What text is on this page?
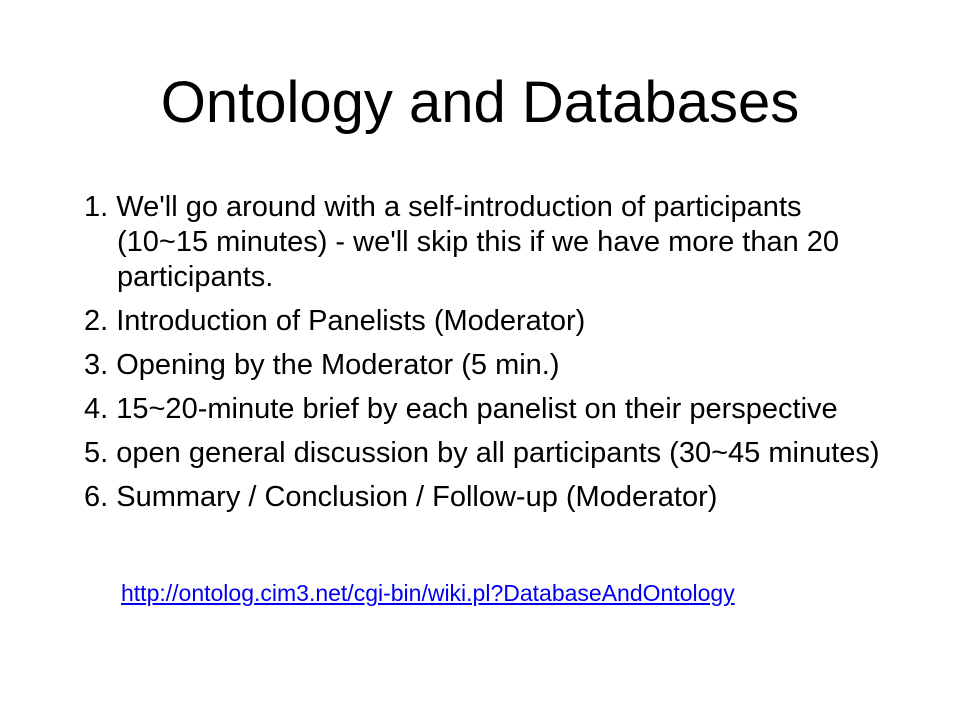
Ontology and Databases
1. We'll go around with a self-introduction of participants (10~15 minutes) - we'll skip this if we have more than 20 participants.
2. Introduction of Panelists (Moderator)
3. Opening by the Moderator (5 min.)
4. 15~20-minute brief by each panelist on their perspective
5. open general discussion by all participants (30~45 minutes)
6. Summary / Conclusion / Follow-up (Moderator)
http://ontolog.cim3.net/cgi-bin/wiki.pl?DatabaseAndOntology
